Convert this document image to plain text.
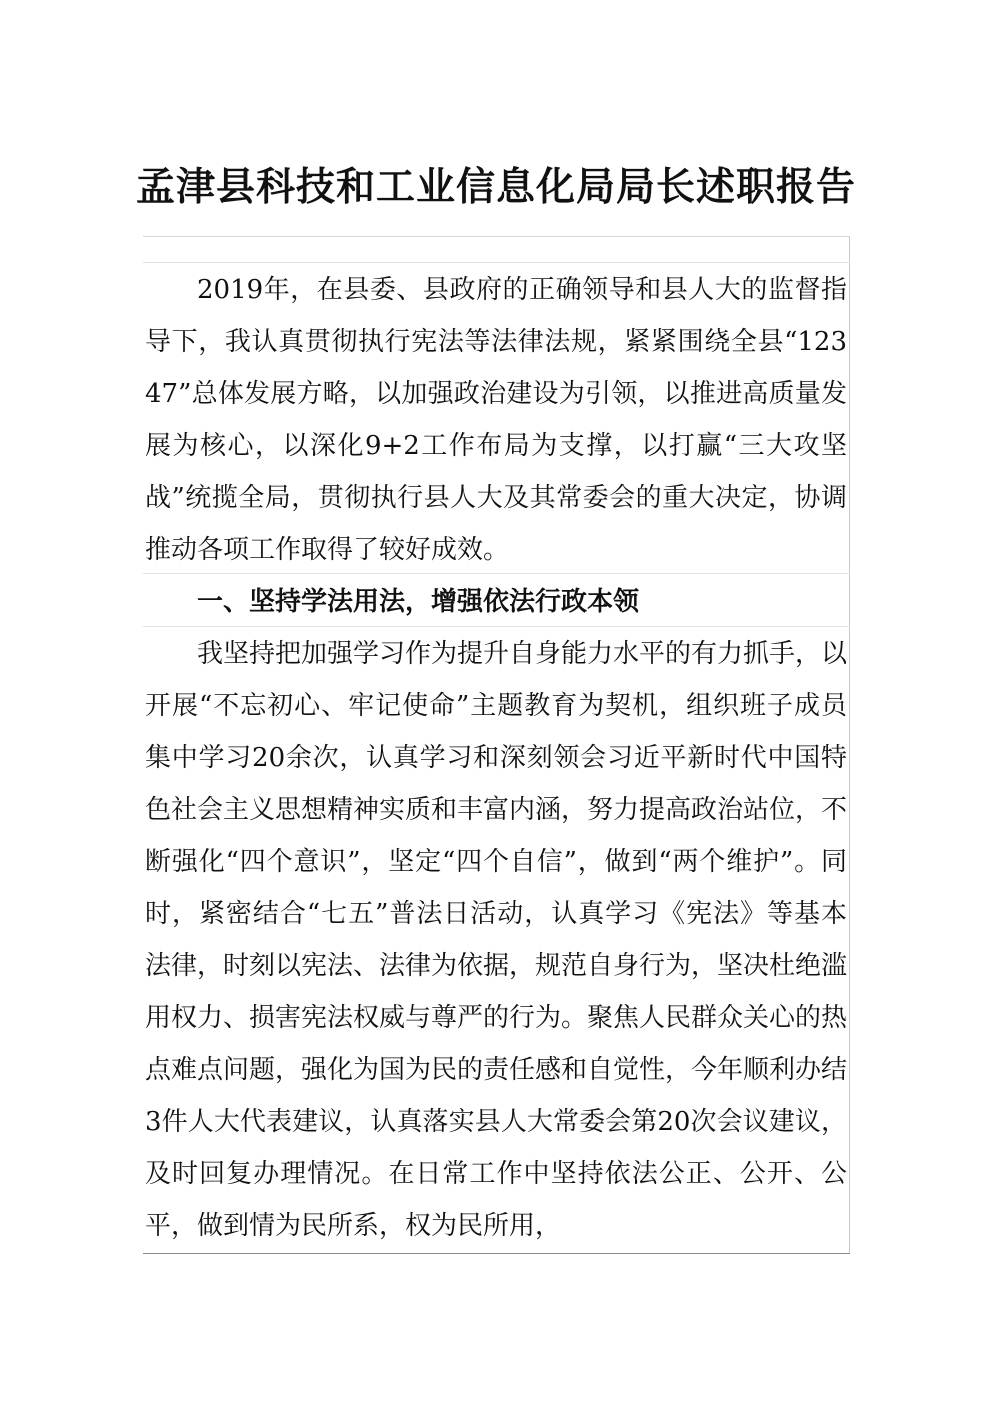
孟津县科技和工业信息化局局长述职报告

2019年，在县委、县政府的正确领导和县人大的监督指导下，我认真贯彻执行宪法等法律法规，紧紧围绕全县“12347”总体发展方略，以加强政治建设为引领，以推进高质量发展为核心，以深化9+2工作布局为支撑，以打赢“三大攻坚战”统揽全局，贯彻执行县人大及其常委会的重大决定，协调推动各项工作取得了较好成效。

一、坚持学法用法，增强依法行政本领

我坚持把加强学习作为提升自身能力水平的有力抓手，以开展“不忘初心、牢记使命”主题教育为契机，组织班子成员集中学习20余次，认真学习和深刻领会习近平新时代中国特色社会主义思想精神实质和丰富内涵，努力提高政治站位，不断强化“四个意识”，坚定“四个自信”，做到“两个维护”。同时，紧密结合“七五”普法日活动，认真学习《宪法》等基本法律，时刻以宪法、法律为依据，规范自身行为，坚决杜绝滥用权力、损害宪法权威与尊严的行为。聚焦人民群众关心的热点难点问题，强化为国为民的责任感和自觉性，今年顺利办结3件人大代表建议，认真落实县人大常委会第20次会议建议，及时回复办理情况。在日常工作中坚持依法公正、公开、公平，做到情为民所系，权为民所用，
